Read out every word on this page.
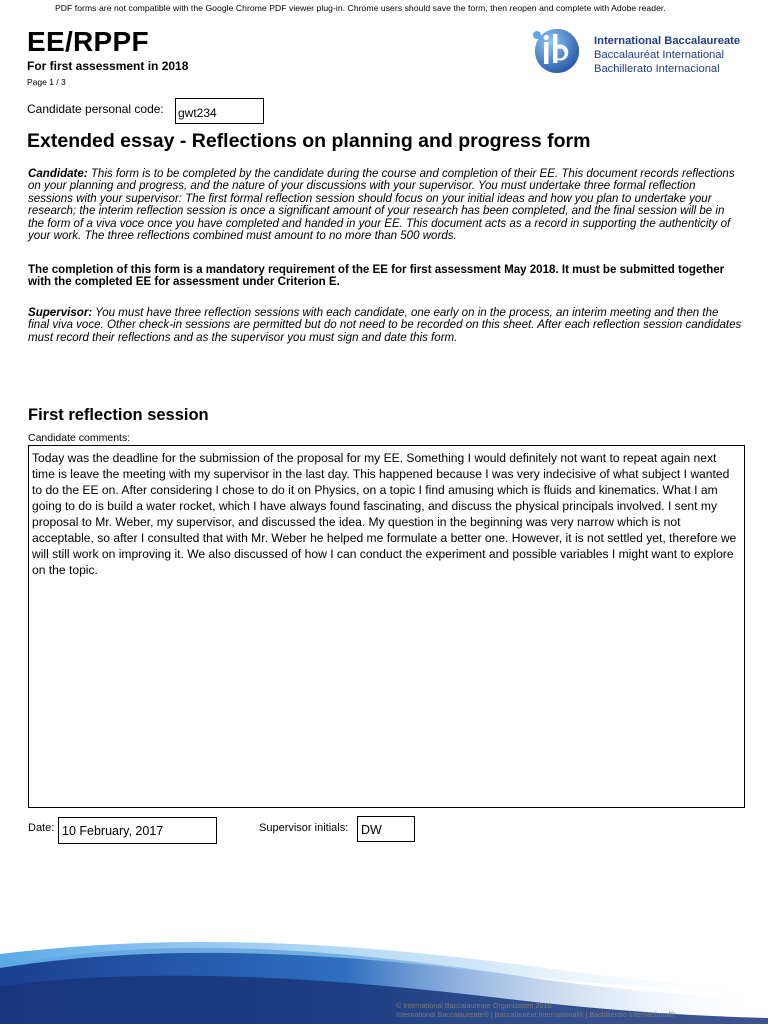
PDF forms are not compatible with the Google Chrome PDF viewer plug-in. Chrome users should save the form, then reopen and complete with Adobe reader.
EE/RPPF
For first assessment in 2018
Page 1 / 3
International Baccalaureate
Baccalauréat International
Bachillerato Internacional
Candidate personal code: gwt234
Extended essay - Reflections on planning and progress form
Candidate: This form is to be completed by the candidate during the course and completion of their EE. This document records reflections on your planning and progress, and the nature of your discussions with your supervisor. You must undertake three formal reflection sessions with your supervisor: The first formal reflection session should focus on your initial ideas and how you plan to undertake your research; the interim reflection session is once a significant amount of your research has been completed, and the final session will be in the form of a viva voce once you have completed and handed in your EE. This document acts as a record in supporting the authenticity of your work. The three reflections combined must amount to no more than 500 words.
The completion of this form is a mandatory requirement of the EE for first assessment May 2018. It must be submitted together with the completed EE for assessment under Criterion E.
Supervisor: You must have three reflection sessions with each candidate, one early on in the process, an interim meeting and then the final viva voce. Other check-in sessions are permitted but do not need to be recorded on this sheet. After each reflection session candidates must record their reflections and as the supervisor you must sign and date this form.
First reflection session
Candidate comments:
Today was the deadline for the submission of the proposal for my EE. Something I would definitely not want to repeat again next time is leave the meeting with my supervisor in the last day. This happened because I was very indecisive of what subject I wanted to do the EE on. After considering I chose to do it on Physics, on a topic I find amusing which is fluids and kinematics. What I am going to do is build a water rocket, which I have always found fascinating, and discuss the physical principals involved. I sent my proposal to Mr. Weber, my supervisor, and discussed the idea. My question in the beginning was very narrow which is not acceptable, so after I consulted that with Mr. Weber he helped me formulate a better one. However, it is not settled yet, therefore we will still work on improving it. We also discussed of how I can conduct the experiment and possible variables I might want to explore on the topic.
Date: 10 February, 2017	Supervisor initials:	DW
© International Baccalaureate Organization 2016
International Baccalaureate® | Baccalauréat International® | Bachillerato Internacional®
